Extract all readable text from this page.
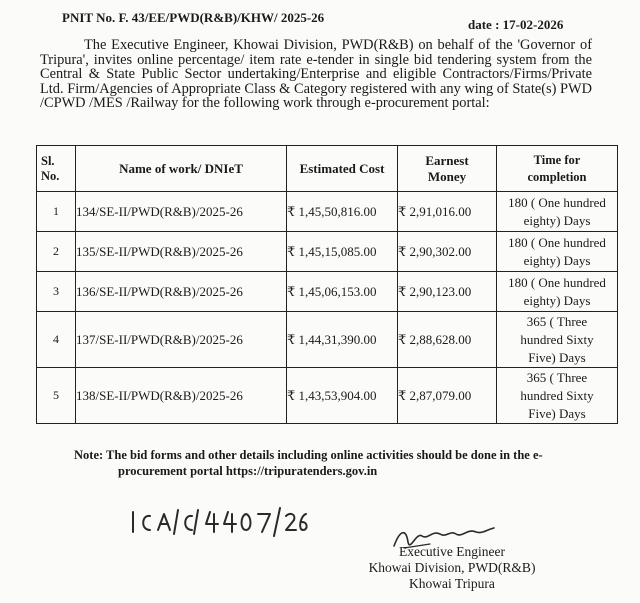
PNIT No. F. 43/EE/PWD(R&B)/KHW/ 2025-26	date : 17-02-2026

The Executive Engineer, Khowai Division, PWD(R&B) on behalf of the 'Governor of Tripura', invites online percentage/ item rate e-tender in single bid tendering system from the Central & State Public Sector undertaking/Enterprise and eligible Contractors/Firms/Private Ltd. Firm/Agencies of Appropriate Class & Category registered with any wing of State(s) PWD /CPWD /MES /Railway for the following work through e-procurement portal:

Sl.
No.	Name of work/ DNIeT	Estimated Cost	Earnest
Money	Time for
completion
1	134/SE-II/PWD(R&B)/2025-26	₹ 1,45,50,816.00	₹ 2,91,016.00	180 ( One hundred
eighty) Days
2	135/SE-II/PWD(R&B)/2025-26	₹ 1,45,15,085.00	₹ 2,90,302.00	180 ( One hundred
eighty) Days
3	136/SE-II/PWD(R&B)/2025-26	₹ 1,45,06,153.00	₹ 2,90,123.00	180 ( One hundred
eighty) Days
4	137/SE-II/PWD(R&B)/2025-26	₹ 1,44,31,390.00	₹ 2,88,628.00	365 ( Three
hundred Sixty
Five) Days
5	138/SE-II/PWD(R&B)/2025-26	₹ 1,43,53,904.00	₹ 2,87,079.00	365 ( Three
hundred Sixty
Five) Days

Note: The bid forms and other details including online activities should be done in the e-
procurement portal https://tripuratenders.gov.in

Executive Engineer
Khowai Division, PWD(R&B)
Khowai Tripura
